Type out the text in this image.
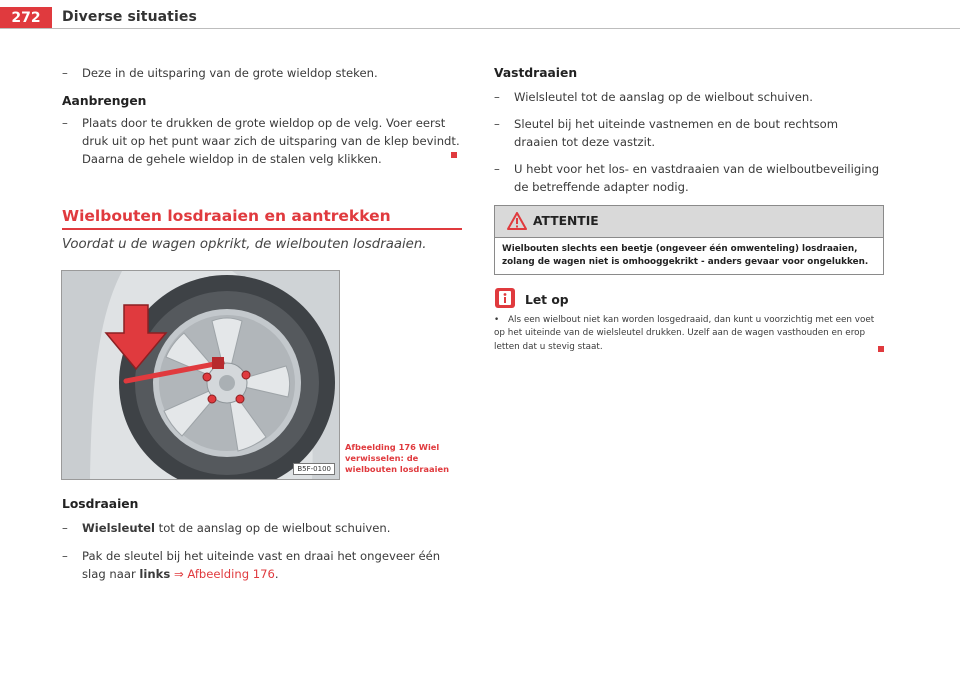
272	Diverse situaties

– Deze in de uitsparing van de grote wieldop steken.

Aanbrengen

– Plaats door te drukken de grote wieldop op de velg. Voer eerst druk uit op het punt waar zich de uitsparing van de klep bevindt. Daarna de gehele wieldop in de stalen velg klikken.

Wielbouten losdraaien en aantrekken
Voordat u de wagen opkrikt, de wielbouten losdraaien.
B5F-0100
Afbeelding 176 Wiel verwisselen: de wielbouten losdraaien

Losdraaien

– Wielsleutel tot de aanslag op de wielbout schuiven.

– Pak de sleutel bij het uiteinde vast en draai het ongeveer één slag naar links ⇒ Afbeelding 176.

Vastdraaien

– Wielsleutel tot de aanslag op de wielbout schuiven.

– Sleutel bij het uiteinde vastnemen en de bout rechtsom draaien tot deze vastzit.

– U hebt voor het los- en vastdraaien van de wielboutbeveiliging de betreffende adapter nodig.

ATTENTIE
Wielbouten slechts een beetje (ongeveer één omwenteling) losdraaien, zolang de wagen niet is omhooggekrikt - anders gevaar voor ongelukken.
Let op
• Als een wielbout niet kan worden losgedraaid, dan kunt u voorzichtig met een voet op het uiteinde van de wielsleutel drukken. Uzelf aan de wagen vasthouden en erop letten dat u stevig staat.
